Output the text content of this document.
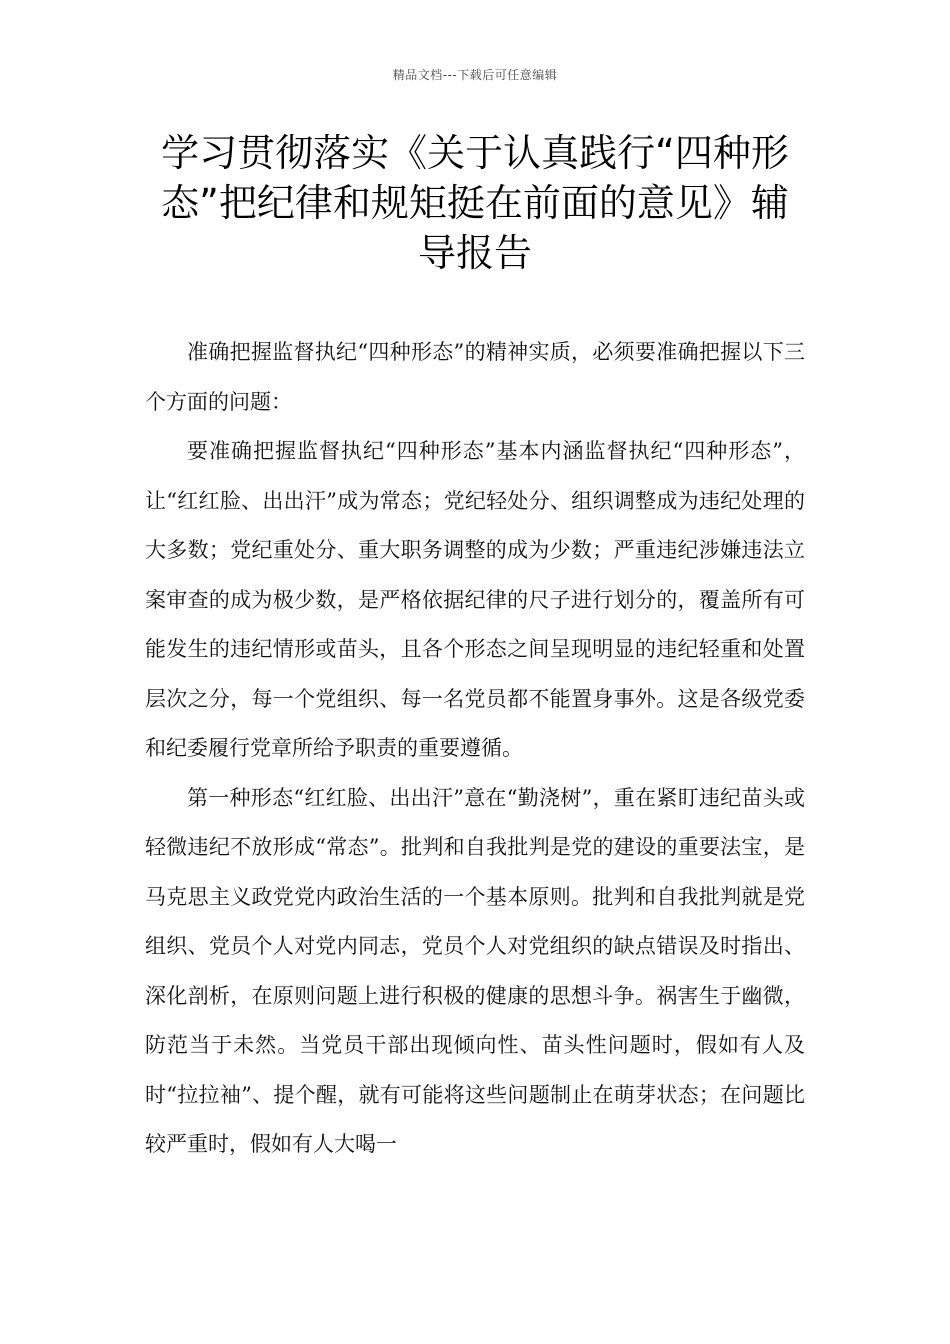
精品文档---下载后可任意编辑
学习贯彻落实《关于认真践行“四种形态”把纪律和规矩挺在前面的意见》辅导报告

准确把握监督执纪“四种形态”的精神实质，必须要准确把握以下三个方面的问题：

要准确把握监督执纪“四种形态”基本内涵监督执纪“四种形态”，让“红红脸、出出汗”成为常态；党纪轻处分、组织调整成为违纪处理的大多数；党纪重处分、重大职务调整的成为少数；严重违纪涉嫌违法立案审查的成为极少数，是严格依据纪律的尺子进行划分的，覆盖所有可能发生的违纪情形或苗头，且各个形态之间呈现明显的违纪轻重和处置层次之分，每一个党组织、每一名党员都不能置身事外。这是各级党委和纪委履行党章所给予职责的重要遵循。

第一种形态“红红脸、出出汗”意在“勤浇树”，重在紧盯违纪苗头或轻微违纪不放形成“常态”。批判和自我批判是党的建设的重要法宝，是马克思主义政党党内政治生活的一个基本原则。批判和自我批判就是党组织、党员个人对党内同志，党员个人对党组织的缺点错误及时指出、深化剖析，在原则问题上进行积极的健康的思想斗争。祸害生于幽微，防范当于未然。当党员干部出现倾向性、苗头性问题时，假如有人及时“拉拉袖”、提个醒，就有可能将这些问题制止在萌芽状态；在问题比较严重时，假如有人大喝一
